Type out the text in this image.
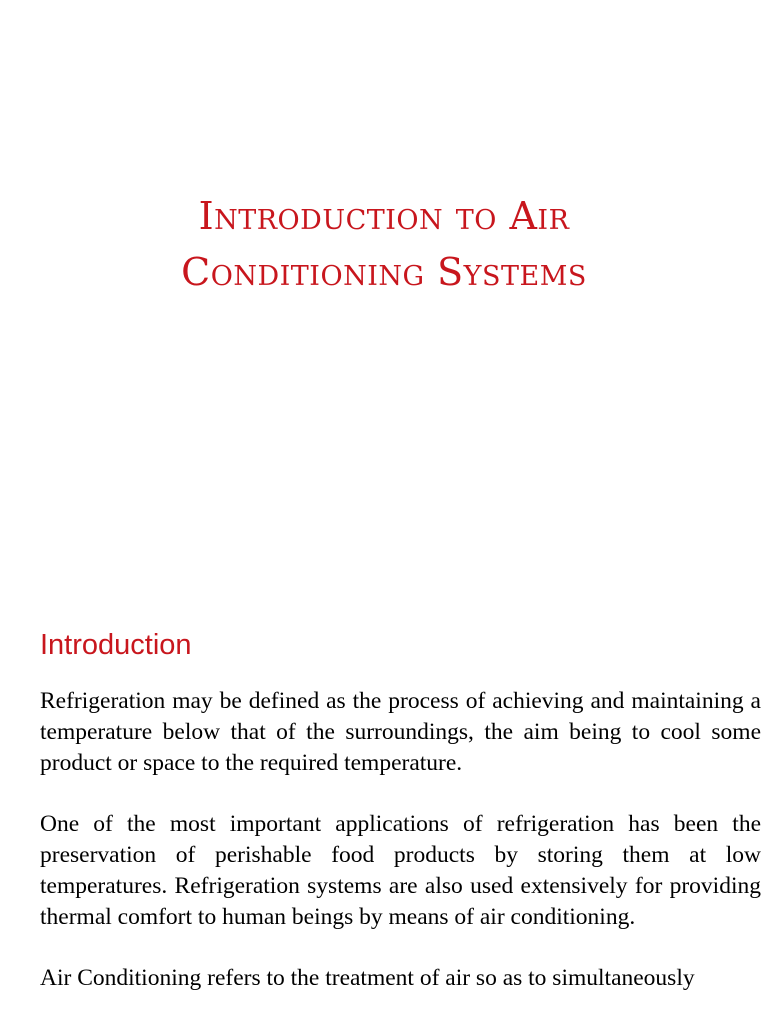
Introduction to Air
Conditioning Systems
Introduction

Refrigeration may be defined as the process of achieving and maintaining a temperature below that of the surroundings, the aim being to cool some product or space to the required temperature.

One of the most important applications of refrigeration has been the preservation of perishable food products by storing them at low temperatures. Refrigeration systems are also used extensively for providing thermal comfort to human beings by means of air conditioning.

Air Conditioning refers to the treatment of air so as to simultaneously
